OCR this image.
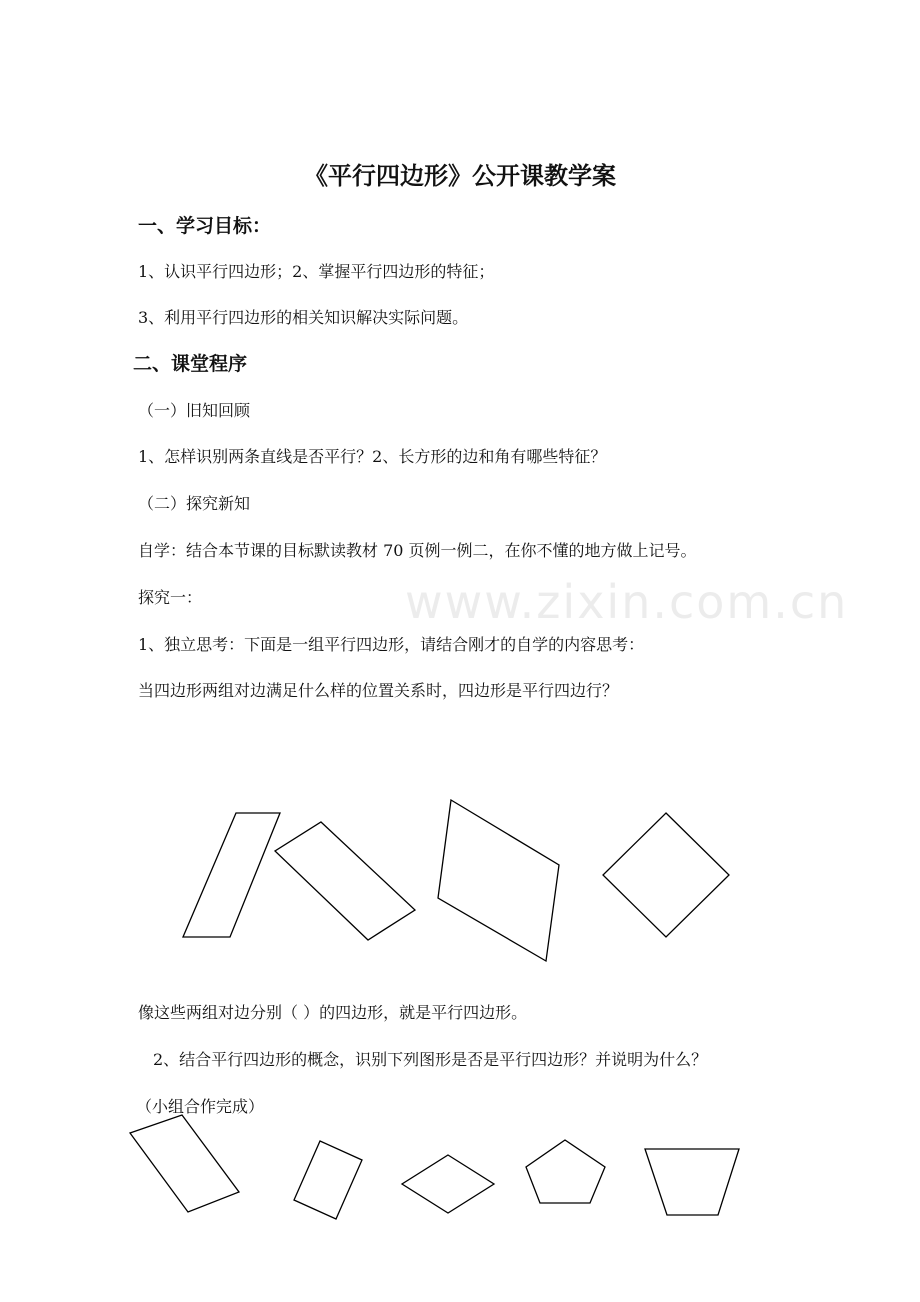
www.zixin.com.cn
《平行四边形》公开课教学案
一、学习目标：
1、认识平行四边形；2、掌握平行四边形的特征；
3、利用平行四边形的相关知识解决实际问题。
二、课堂程序
（一）旧知回顾
1、怎样识别两条直线是否平行？2、长方形的边和角有哪些特征？
（二）探究新知
自学：结合本节课的目标默读教材 70 页例一例二，在你不懂的地方做上记号。
探究一：
1、独立思考：下面是一组平行四边形，请结合刚才的自学的内容思考：
当四边形两组对边满足什么样的位置关系时，四边形是平行四边行？
像这些两组对边分别（ ）的四边形，就是平行四边形。
2、结合平行四边形的概念，识别下列图形是否是平行四边形？并说明为什么？
（小组合作完成）
